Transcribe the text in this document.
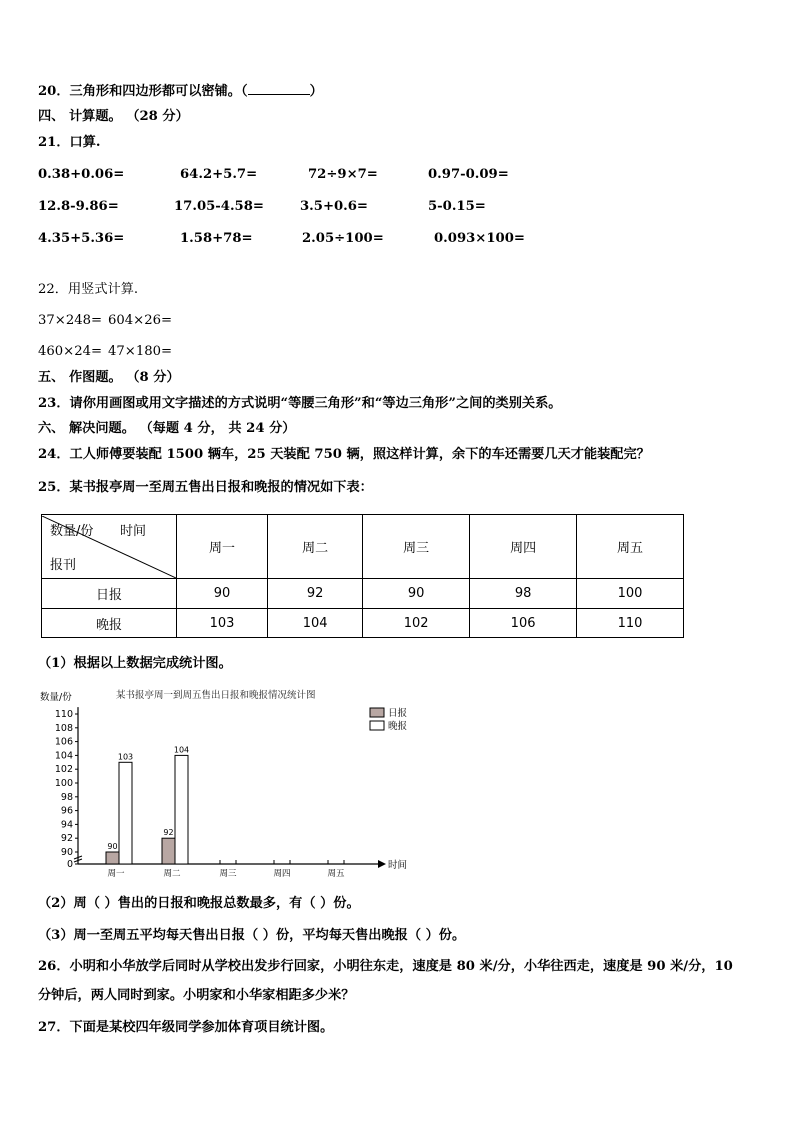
20．三角形和四边形都可以密铺。（	）
四、 计算题。 （28 分）
21．口算.
0.38+0.06=	64.2+5.7=	72÷9×7=	0.97-0.09=
12.8-9.86=	17.05-4.58=	3.5+0.6=	5-0.15=
4.35+5.36=	1.58+78=	2.05÷100=	0.093×100=
22．用竖式计算.
37×248= 604×26=
460×24= 47×180=
五、 作图题。 （8 分）
23．请你用画图或用文字描述的方式说明“等腰三角形”和“等边三角形”之间的类别关系。
六、 解决问题。 （每题 4 分， 共 24 分）
24．工人师傅要装配 1500 辆车，25 天装配 750 辆，照这样计算，余下的车还需要几天才能装配完？
25．某书报亭周一至周五售出日报和晚报的情况如下表：
数量/份 时间
报刊	周一	周二	周三	周四	周五
日报	90	92	90	98	100
晚报	103	104	102	106	110
（1）根据以上数据完成统计图。
某书报亭周一到周五售出日报和晚报情况统计图
数量/份
0
90
92
94
96
98
100
102
104
106
108
110
时间
周一	周二	周三	周四	周五
90
92
103
104
日报
晚报
（2）周（ ）售出的日报和晚报总数最多，有（ ）份。
（3）周一至周五平均每天售出日报（ ）份，平均每天售出晚报（ ）份。
26．小明和小华放学后同时从学校出发步行回家，小明往东走，速度是 80 米/分，小华往西走，速度是 90 米/分，10
分钟后，两人同时到家。小明家和小华家相距多少米？
27．下面是某校四年级同学参加体育项目统计图。
